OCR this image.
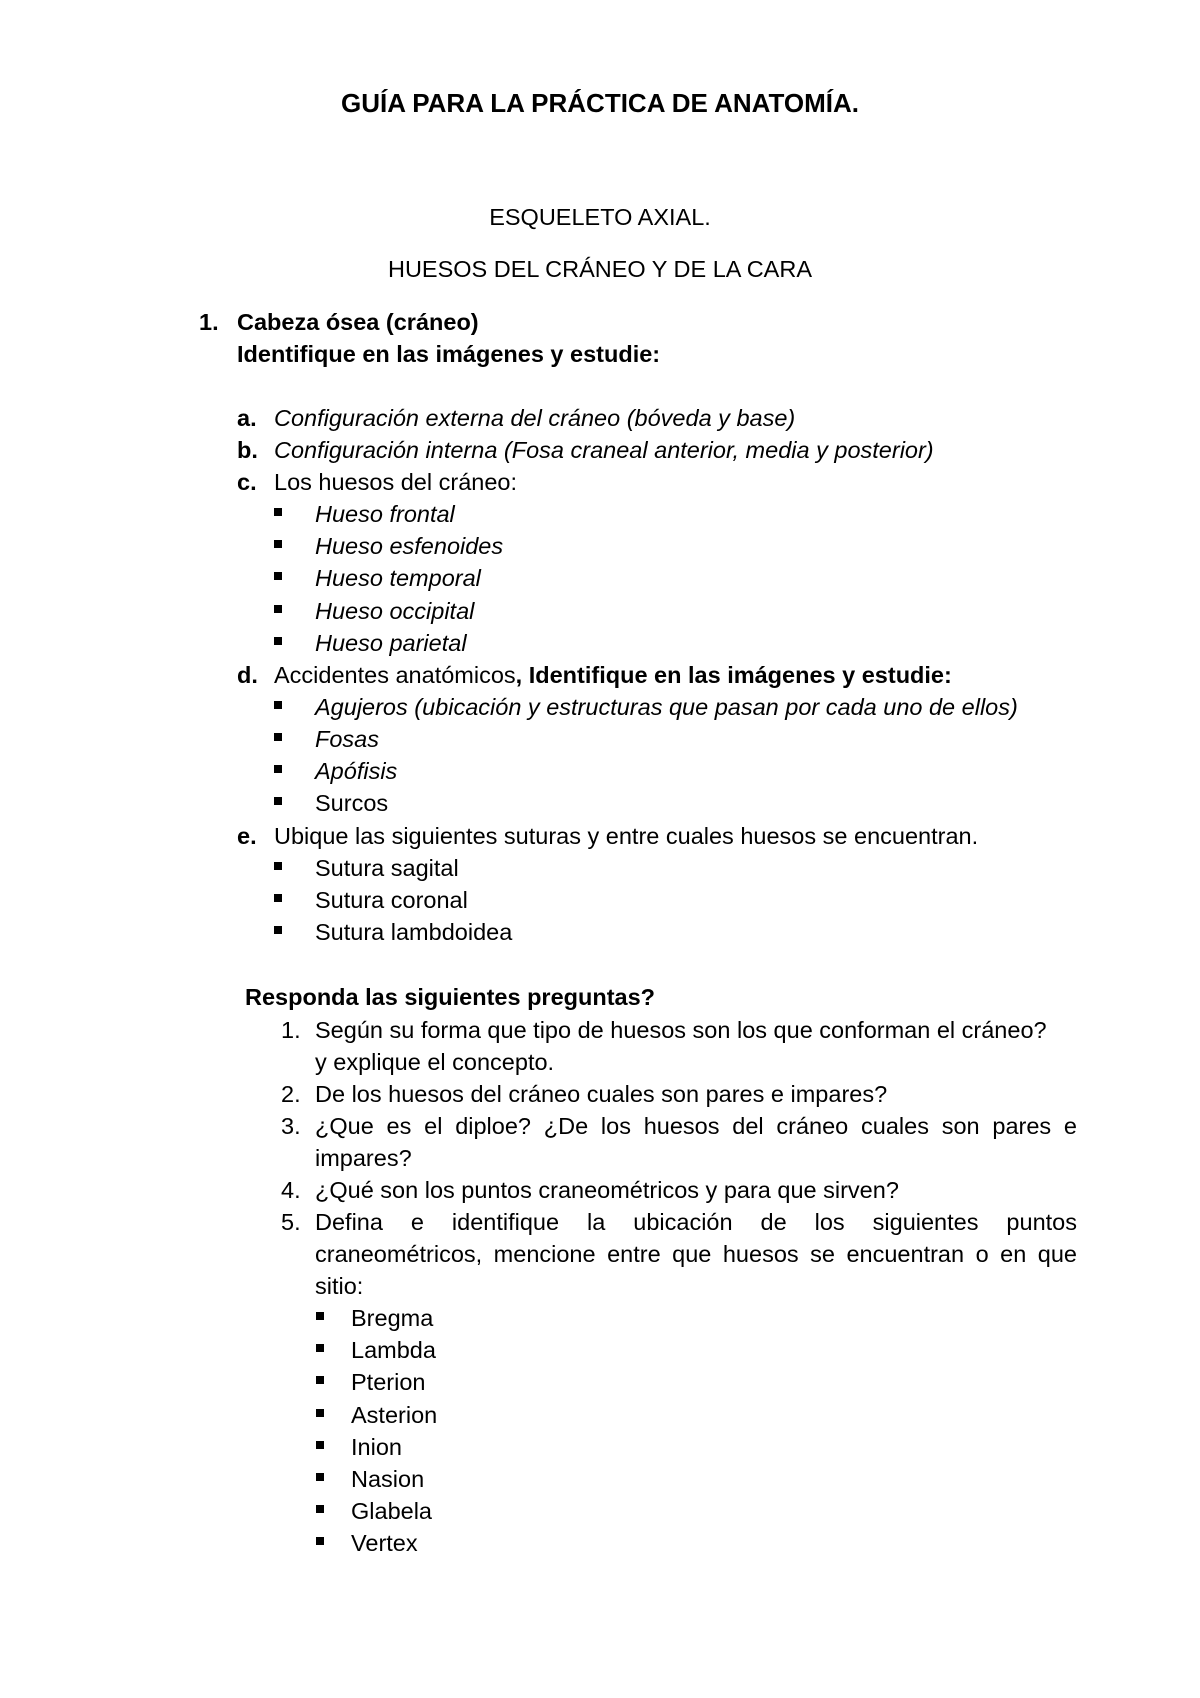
GUÍA PARA LA PRÁCTICA DE ANATOMÍA.
ESQUELETO AXIAL.
HUESOS DEL CRÁNEO Y DE LA CARA
1. Cabeza ósea (cráneo)
Identifique en las imágenes y estudie:
a. Configuración externa del cráneo (bóveda y base)
b. Configuración interna (Fosa craneal anterior, media y posterior)
c. Los huesos del cráneo:
Hueso frontal
Hueso esfenoides
Hueso temporal
Hueso occipital
Hueso parietal
d. Accidentes anatómicos, Identifique en las imágenes y estudie:
Agujeros (ubicación y estructuras que pasan por cada uno de ellos)
Fosas
Apófisis
Surcos
e. Ubique las siguientes suturas y entre cuales huesos se encuentran.
Sutura sagital
Sutura coronal
Sutura lambdoidea
Responda las siguientes preguntas?
1. Según su forma que tipo de huesos son los que conforman el cráneo?
y explique el concepto.
2. De los huesos del cráneo cuales son pares e impares?
3. ¿Que es el diploe? ¿De los huesos del cráneo cuales son pares e
impares?
4. ¿Qué son los puntos craneométricos y para que sirven?
5. Defina e identifique la ubicación de los siguientes puntos
craneométricos, mencione entre que huesos se encuentran o en que
sitio:
Bregma
Lambda
Pterion
Asterion
Inion
Nasion
Glabela
Vertex
